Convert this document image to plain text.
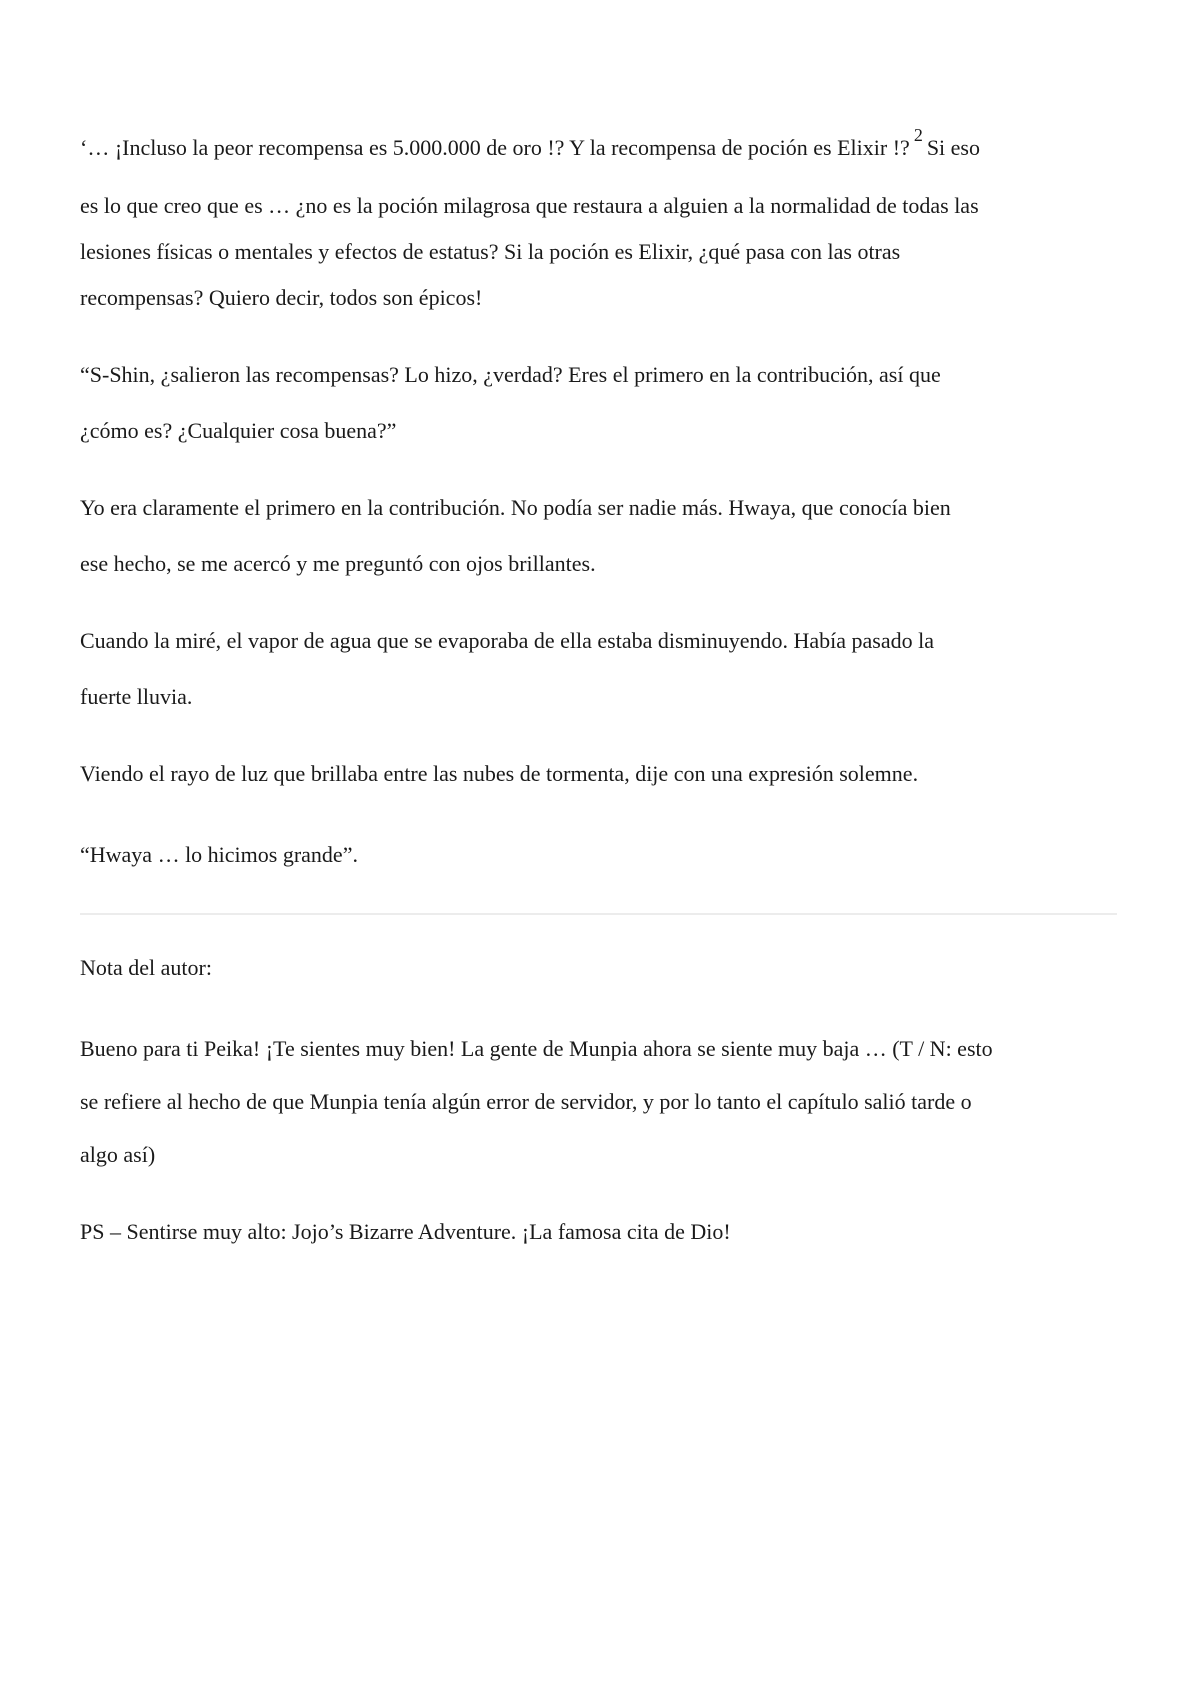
‘… ¡Incluso la peor recompensa es 5.000.000 de oro !? Y la recompensa de poción es Elixir !? $^2$ Si eso
es lo que creo que es … ¿no es la poción milagrosa que restaura a alguien a la normalidad de todas las
lesiones físicas o mentales y efectos de estatus? Si la poción es Elixir, ¿qué pasa con las otras
recompensas? Quiero decir, todos son épicos!
“S-Shin, ¿salieron las recompensas? Lo hizo, ¿verdad? Eres el primero en la contribución, así que
¿cómo es? ¿Cualquier cosa buena?”
Yo era claramente el primero en la contribución. No podía ser nadie más. Hwaya, que conocía bien
ese hecho, se me acercó y me preguntó con ojos brillantes.
Cuando la miré, el vapor de agua que se evaporaba de ella estaba disminuyendo. Había pasado la
fuerte lluvia.
Viendo el rayo de luz que brillaba entre las nubes de tormenta, dije con una expresión solemne.
“Hwaya … lo hicimos grande”.
Nota del autor:
Bueno para ti Peika! ¡Te sientes muy bien! La gente de Munpia ahora se siente muy baja … (T / N: esto
se refiere al hecho de que Munpia tenía algún error de servidor, y por lo tanto el capítulo salió tarde o
algo así)
PS – Sentirse muy alto: Jojo’s Bizarre Adventure. ¡La famosa cita de Dio!
